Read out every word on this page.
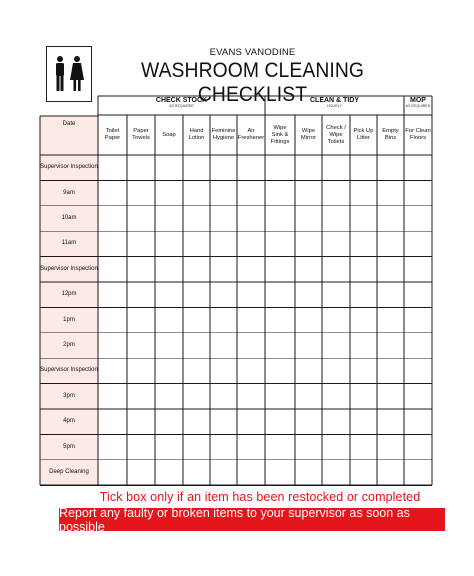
EVANS VANODINE
WASHROOM CLEANING CHECKLIST
CHECK STOCK
AS REQUIRED
CLEAN & TIDY
HOURLY
MOP
AS REQUIRED
Date
Toilet
Paper
Paper
Towels
Soap
Hand
Lotion
Feminine
Hygiene
Air
Freshener
Wipe
Sink &
Fittings
Wipe
Mirror
Check /
Wipe
Toilets
Pick Up
Litter
Empty
Bins
For Clean
Floors
Supervisor Inspection
9am
10am
11am
Supervisor Inspection
12pm
1pm
2pm
Supervisor Inspection
3pm
4pm
5pm
Deep Cleaning
Tick box only if an item has been restocked or completed
Report any faulty or broken items to your supervisor as soon as possible
